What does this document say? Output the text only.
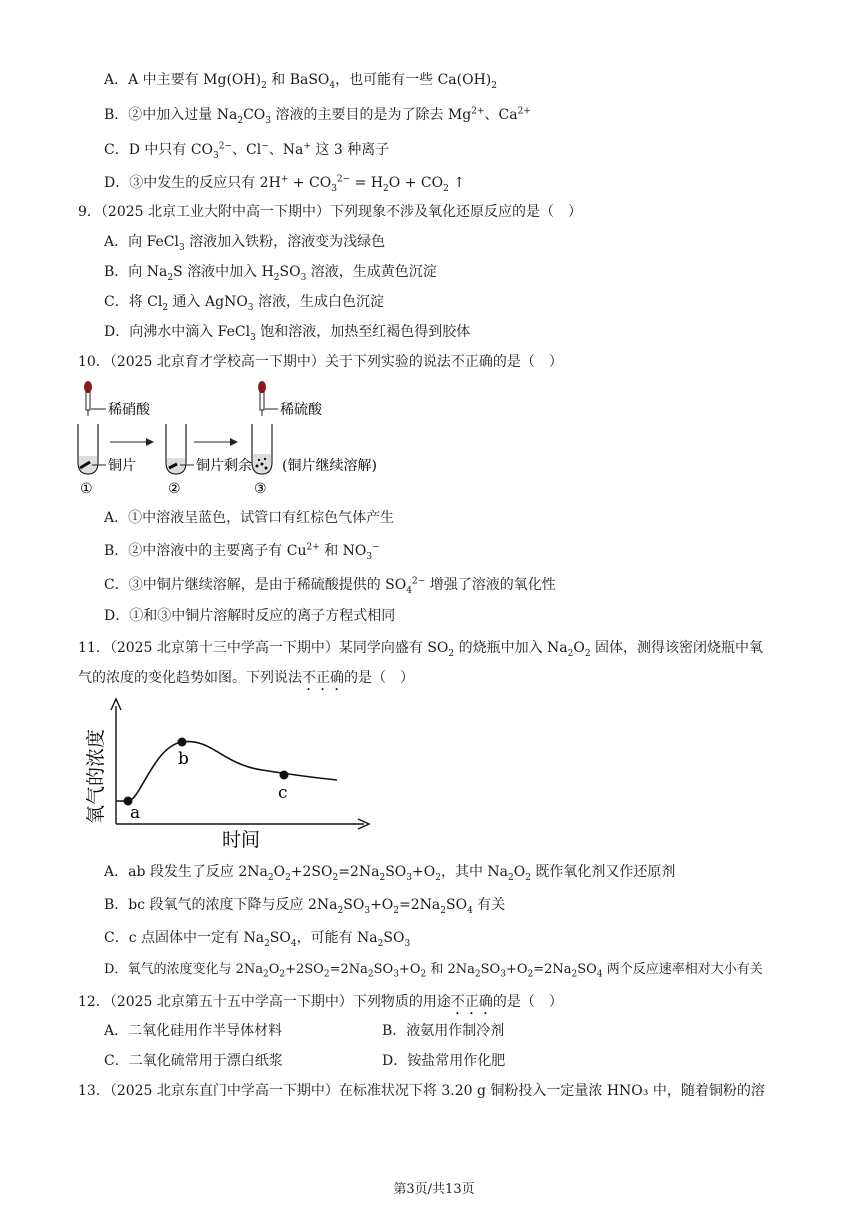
A．A 中主要有 $Mg(OH)_2$ 和 BaSO$_4$，也可能有一些 $Ca(OH)_2$
B．②中加入过量 $Na_2CO_3$ 溶液的主要目的是为了除去 $Mg^{2+}$、$Ca^{2+}$
C．D 中只有 $CO_3^{2-}$、Cl−、Na+ 这 3 种离子
D．③中发生的反应只有 $2H^+ + CO_3^{2-} = H_2O + CO_2$ ↑
9．（2025 北京工业大附中高一下期中）下列现象不涉及氧化还原反应的是（　）
A．向 FeCl$_3$ 溶液加入铁粉，溶液变为浅绿色
B．向 $Na_2S$ 溶液中加入 $H_2SO_3$ 溶液，生成黄色沉淀
C．将 $Cl_2$ 通入 AgNO$_3$ 溶液，生成白色沉淀
D．向沸水中滴入 FeCl$_3$ 饱和溶液，加热至红褐色得到胶体
10．（2025 北京育才学校高一下期中）关于下列实验的说法不正确的是（　）
稀硝酸
铜片
①
铜片剩余
②
稀硫酸
(铜片继续溶解)
③
A．①中溶液呈蓝色，试管口有红棕色气体产生
B．②中溶液中的主要离子有 $Cu^{2+}$ 和 $NO_3^-$
C．③中铜片继续溶解，是由于稀硫酸提供的 $SO_4^{2-}$ 增强了溶液的氧化性
D．①和③中铜片溶解时反应的离子方程式相同
11．（2025 北京第十三中学高一下期中）某同学向盛有 $SO_2$ 的烧瓶中加入 $Na_2O_2$ 固体，测得该密闭烧瓶中氧
气的浓度的变化趋势如图。下列说法不正确的是（　）
a
b
c
氧气的浓度
时间
A．ab 段发生了反应 $2Na_2O_2+2SO_2=2Na_2SO_3+O_2$，其中 $Na_2O_2$ 既作氧化剂又作还原剂
B．bc 段氧气的浓度下降与反应 $2Na_2SO_3+O_2=2Na_2SO_4$ 有关
C．c 点固体中一定有 $Na_2SO_4$，可能有 $Na_2SO_3$
D．氧气的浓度变化与 $2Na_2O_2+2SO_2=2Na_2SO_3+O_2$ 和 $2Na_2SO_3+O_2=2Na_2SO_4$ 两个反应速率相对大小有关
12．（2025 北京第五十五中学高一下期中）下列物质的用途不正确的是（　）
A．二氧化硅用作半导体材料	B．液氨用作制冷剂
C．二氧化硫常用于漂白纸浆	D．铵盐常用作化肥
13．（2025 北京东直门中学高一下期中）在标准状况下将 3.20 g 铜粉投入一定量浓 HNO₃ 中，随着铜粉的溶
第3页/共13页
